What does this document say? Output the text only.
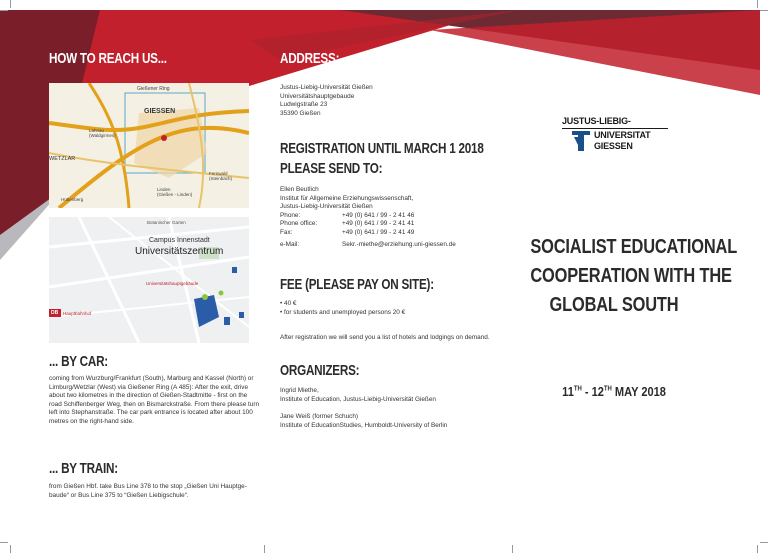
HOW TO REACH US...
Gießener Ring
GIESSEN
Lahnau
(Waldgirmes)
WETZLAR
Hüttenberg
Linden
(Gießen - Linden)
Fernwald
(Steinbach)
Campus Innenstadt
Universitätszentrum
Universitätshauptgebäude
DB Hauptbahnhof
Botanischer Garten
... BY CAR:
coming from Wurzburg/Frankfurt (South), Marburg and Kassel (North) or
Limburg/Wetzlar (West) via Gießener Ring (A 485): After the exit, drive
about two kilometres in the direction of Gießen-Stadtmitte - first on the
road Schiffenberger Weg, then on Bismarckstraße. From there please turn
left into Stephanstraße. The car park entrance is located after about 100
metres on the right-hand side.
... BY TRAIN:
from Gießen Hbf. take Bus Line 378 to the stop „Gießen Uni Hauptge-
baude“ or Bus Line 375 to “Gießen Liebigschule“.
ADDRESS:
Justus-Liebig-Universität Gießen
Universitätshauptgebaude
Ludwigstraße 23
35390 Gießen
REGISTRATION UNTIL MARCH 1 2018
PLEASE SEND TO:
Ellen Beutlich
Institut für Allgemeine Erziehungswissenschaft,
Justus-Liebig-Universität Gießen
Phone:	+49 (0) 641 / 99 - 2 41 46
Phone office:	+49 (0) 641 / 99 - 2 41 41
Fax:	+49 (0) 641 / 99 - 2 41 49
e-Mail:	Sekr.-miethe@erziehung.uni-giessen.de
FEE (PLEASE PAY ON SITE):
• 40 €
• for students and unemployed persons 20 €
After registration we will send you a list of hotels and lodgings on demand.
ORGANIZERS:
Ingrid Miethe,
Institute of Education, Justus-Liebig-Universität Gießen
Jane Weiß (former Schuch)
Institute of EducationStudies, Humboldt-University of Berlin
JUSTUS-LIEBIG-
UNIVERSITAT
GIESSEN
SOCIALIST EDUCATIONAL
COOPERATION WITH THE
GLOBAL SOUTH
11TH - 12TH MAY 2018
